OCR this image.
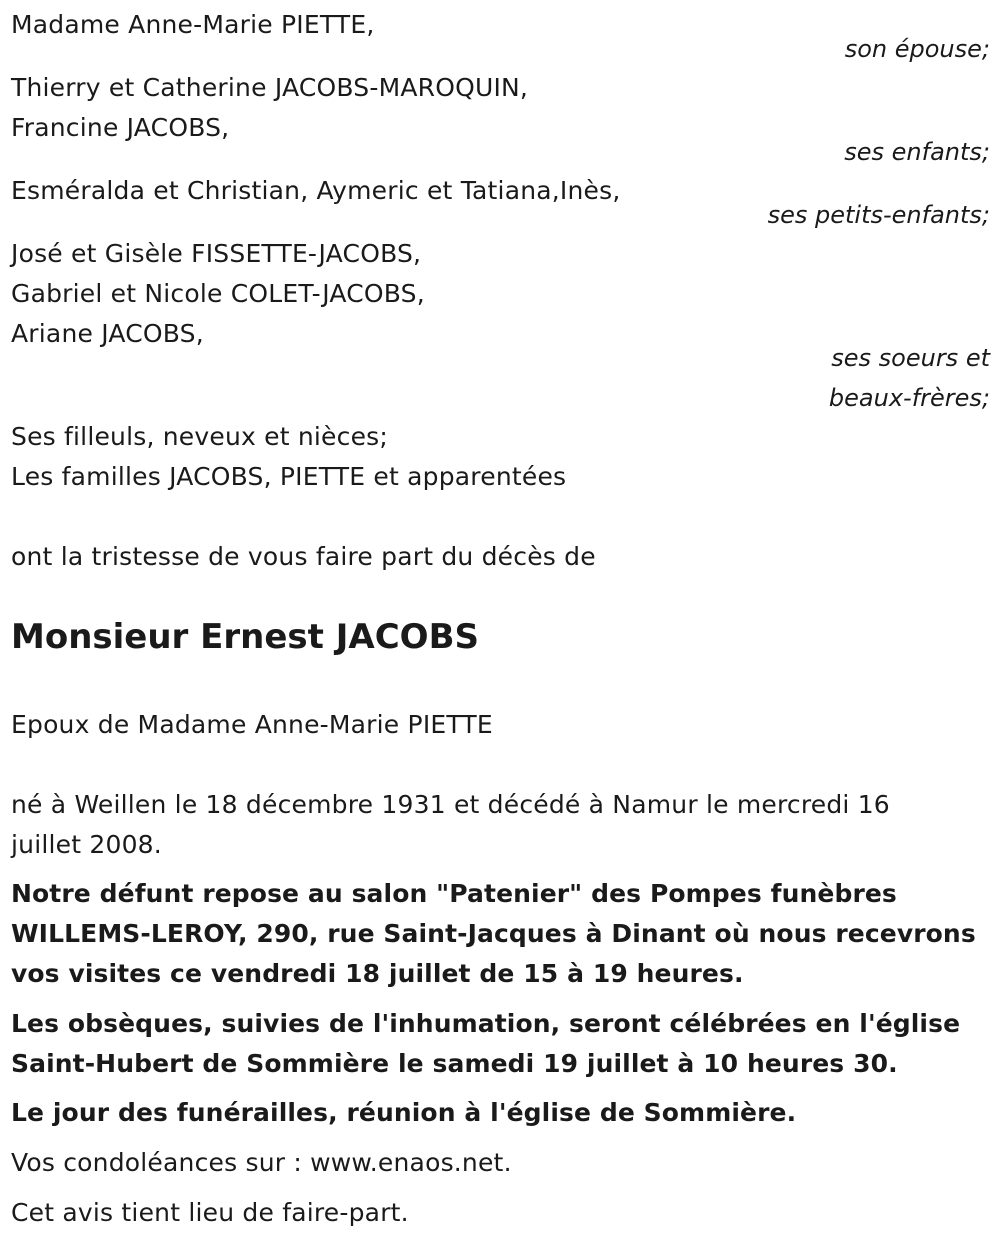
Madame Anne-Marie PIETTE,
son épouse;
Thierry et Catherine JACOBS-MAROQUIN,
Francine JACOBS,
ses enfants;
Esméralda et Christian, Aymeric et Tatiana,Inès,
ses petits-enfants;
José et Gisèle FISSETTE-JACOBS,
Gabriel et Nicole COLET-JACOBS,
Ariane JACOBS,
ses soeurs et
beaux-frères;
Ses filleuls, neveux et nièces;
Les familles JACOBS, PIETTE et apparentées
ont la tristesse de vous faire part du décès de
Monsieur Ernest JACOBS
Epoux de Madame Anne-Marie PIETTE
né à Weillen le 18 décembre 1931 et décédé à Namur le mercredi 16
juillet 2008.
Notre défunt repose au salon "Patenier" des Pompes funèbres
WILLEMS-LEROY, 290, rue Saint-Jacques à Dinant où nous recevrons
vos visites ce vendredi 18 juillet de 15 à 19 heures.
Les obsèques, suivies de l'inhumation, seront célébrées en l'église
Saint-Hubert de Sommière le samedi 19 juillet à 10 heures 30.
Le jour des funérailles, réunion à l'église de Sommière.
Vos condoléances sur : www.enaos.net.
Cet avis tient lieu de faire-part.
